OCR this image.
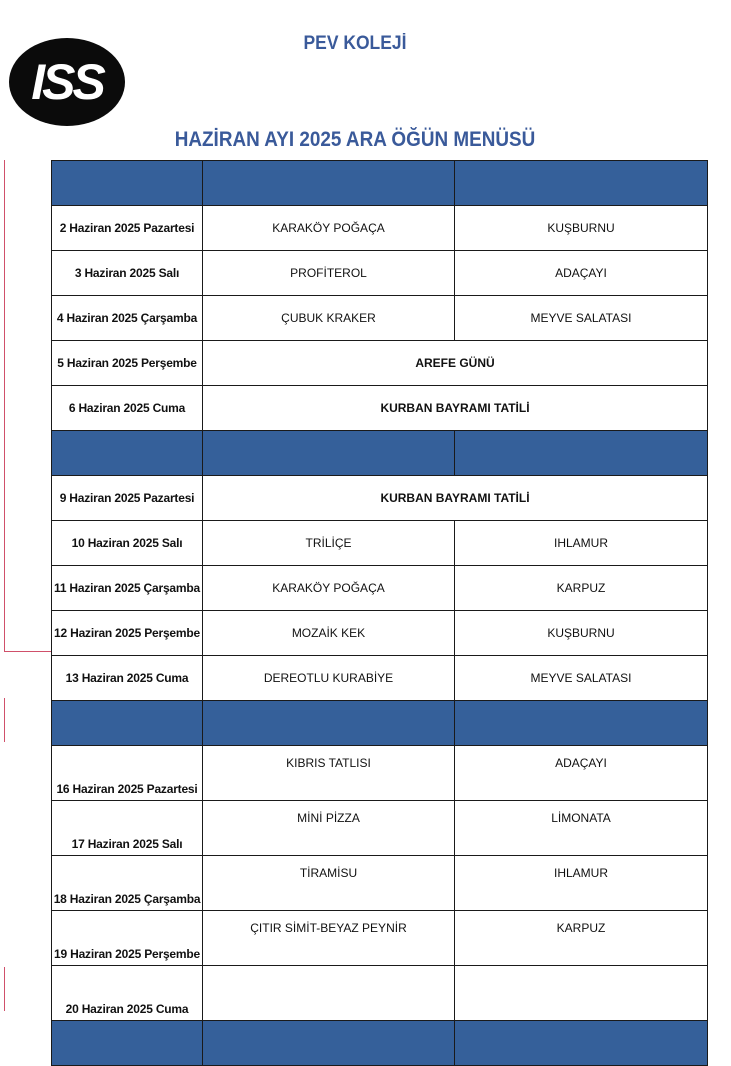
ISS
PEV KOLEJİ
HAZİRAN AYI 2025 ARA ÖĞÜN MENÜSÜ

2 Haziran 2025 Pazartesi	KARAKÖY POĞAÇA	KUŞBURNU
3 Haziran 2025 Salı	PROFİTEROL	ADAÇAYI
4 Haziran 2025 Çarşamba	ÇUBUK KRAKER	MEYVE SALATASI
5 Haziran 2025 Perşembe	AREFE GÜNÜ	
6 Haziran 2025 Cuma	KURBAN BAYRAMI TATİLİ	

9 Haziran 2025 Pazartesi	KURBAN BAYRAMI TATİLİ	
10 Haziran 2025 Salı	TRİLİÇE	IHLAMUR
11 Haziran 2025 Çarşamba	KARAKÖY POĞAÇA	KARPUZ
12 Haziran 2025 Perşembe	MOZAİK KEK	KUŞBURNU
13 Haziran 2025 Cuma	DEREOTLU KURABİYE	MEYVE SALATASI

16 Haziran 2025 Pazartesi	KIBRIS TATLISI	ADAÇAYI
17 Haziran 2025 Salı	MİNİ PİZZA	LİMONATA
18 Haziran 2025 Çarşamba	TİRAMİSU	IHLAMUR
19 Haziran 2025 Perşembe	ÇITIR SİMİT-BEYAZ PEYNİR	KARPUZ
20 Haziran 2025 Cuma		
